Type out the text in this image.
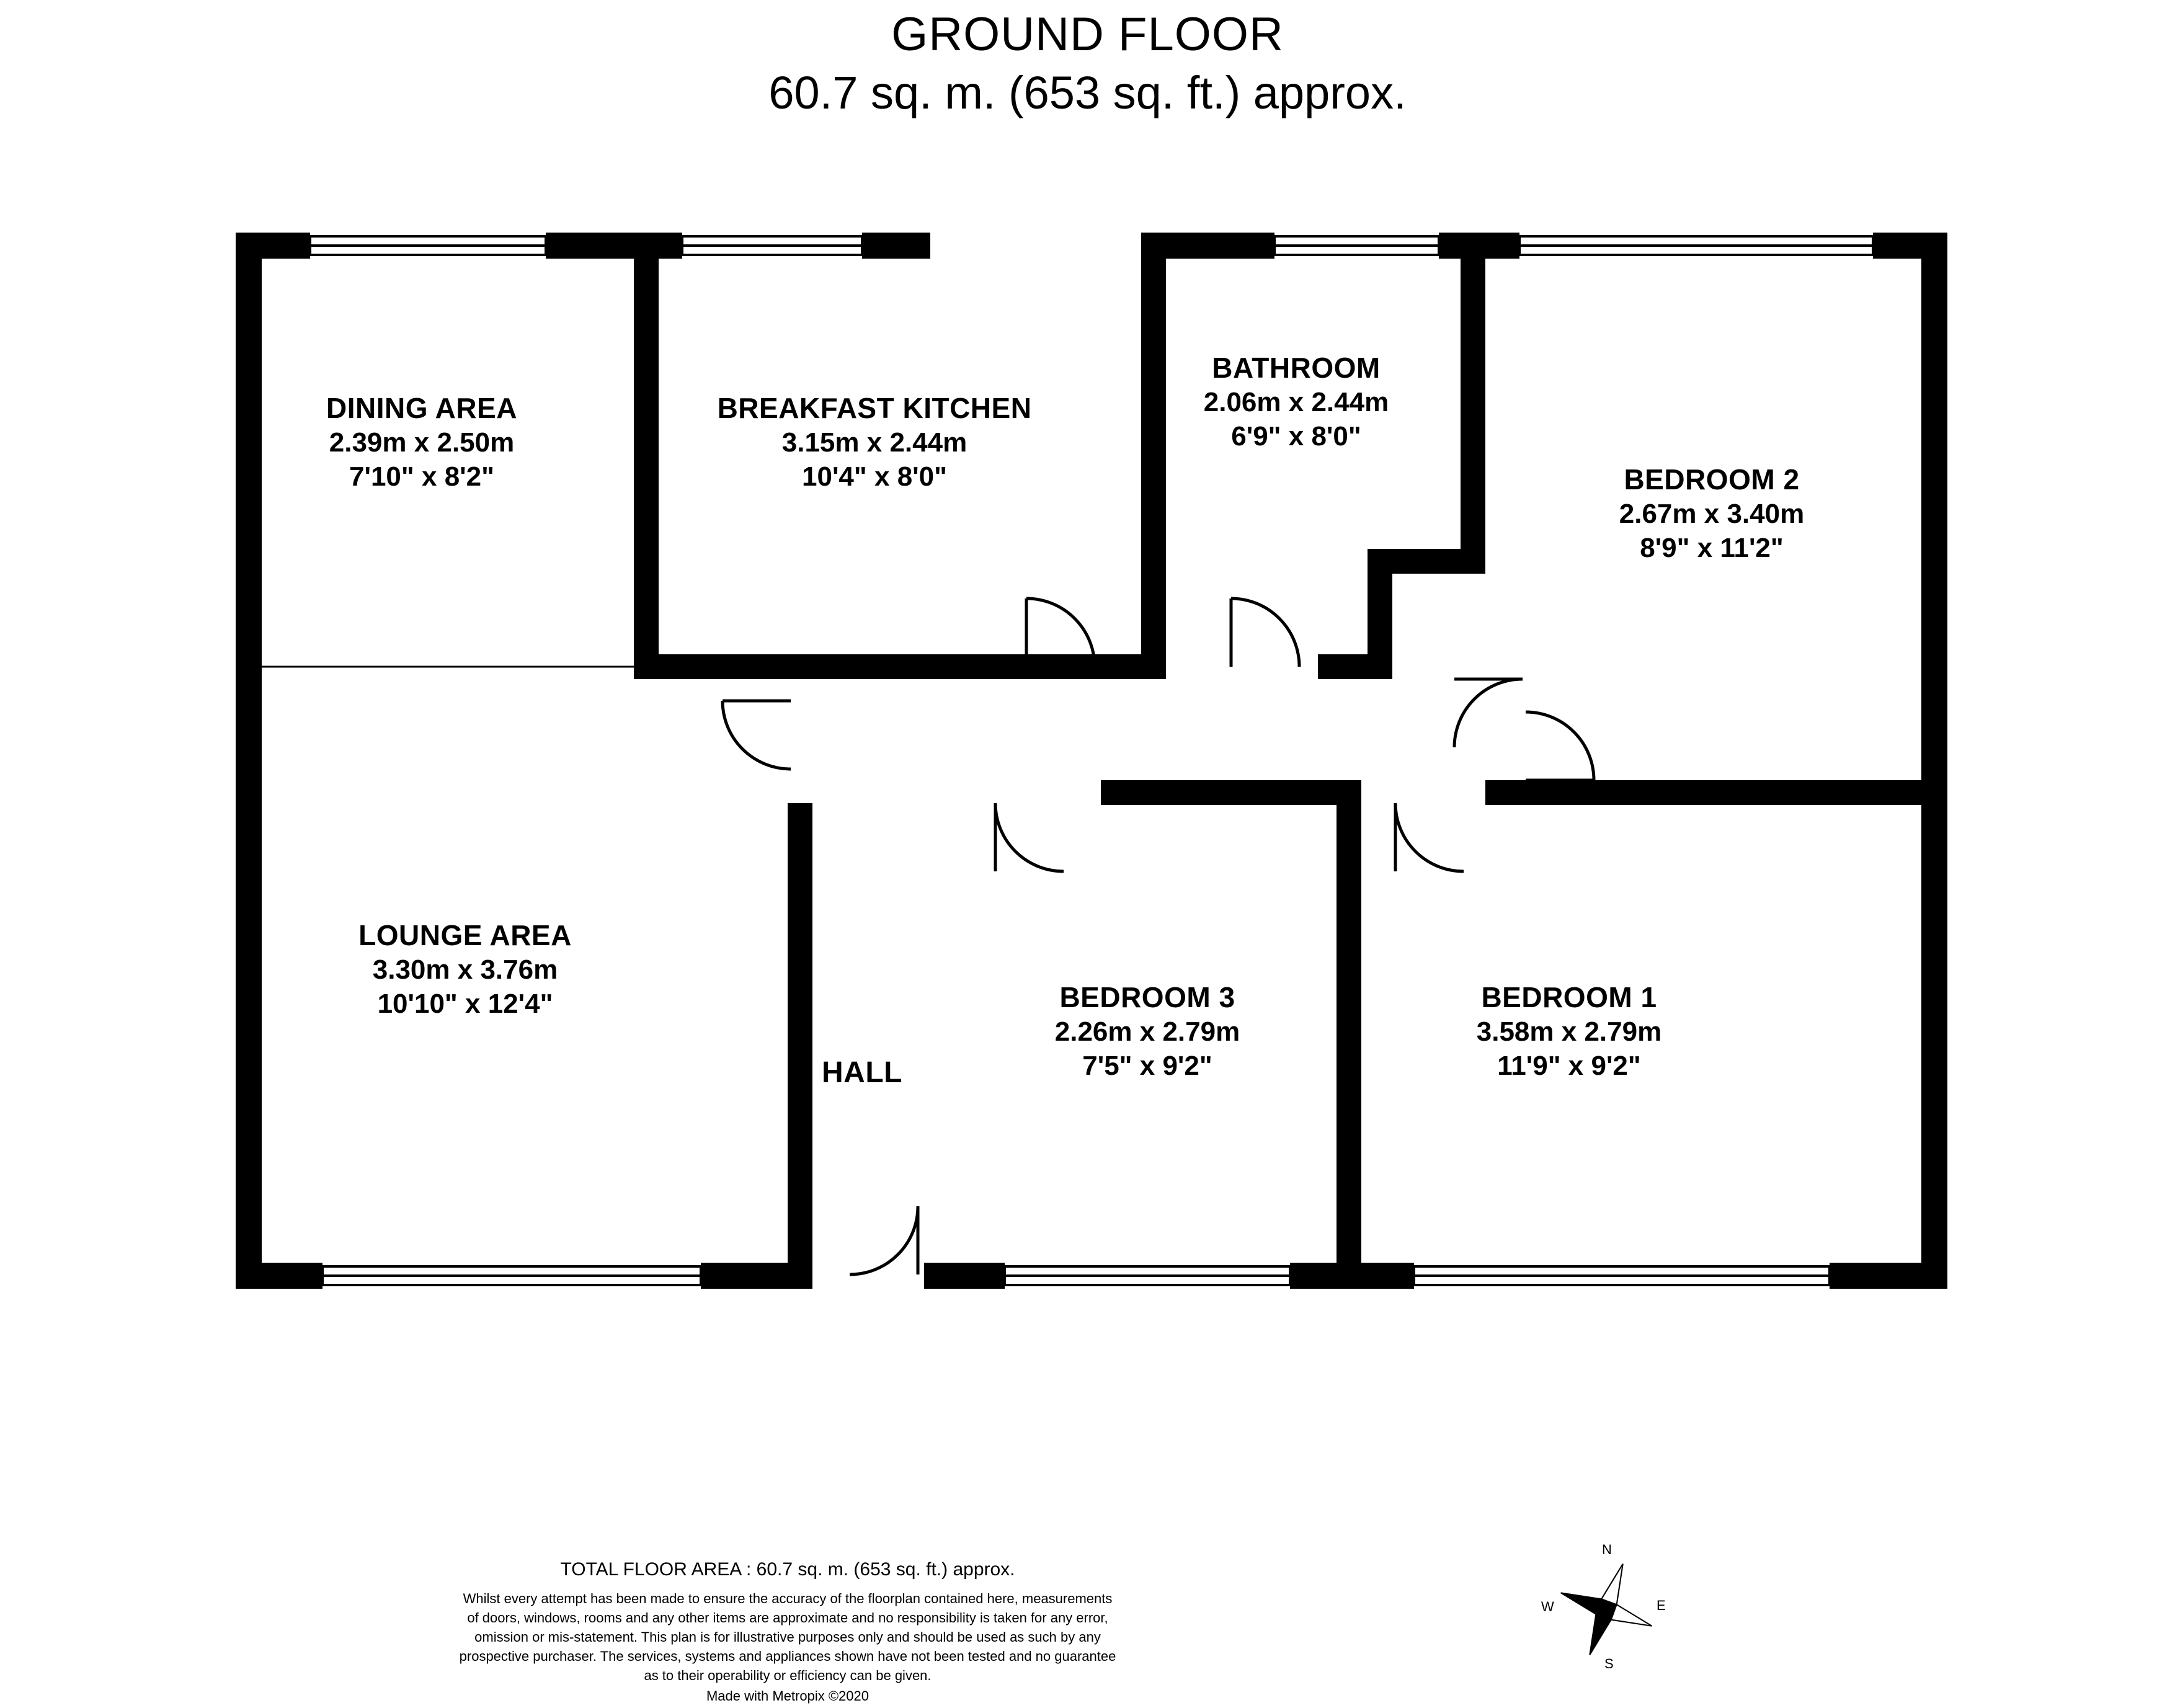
GROUND FLOOR
60.7 sq. m. (653 sq. ft.) approx.
DINING AREA
2.39m x 2.50m
7'10" x 8'2"
BREAKFAST KITCHEN
3.15m x 2.44m
10'4" x 8'0"
BATHROOM
2.06m x 2.44m
6'9" x 8'0"
BEDROOM 2
2.67m x 3.40m
8'9" x 11'2"
LOUNGE AREA
3.30m x 3.76m
10'10" x 12'4"	BEDROOM 3
2.26m x 2.79m
7'5" x 9'2"
BEDROOM 1
3.58m x 2.79m
11'9" x 9'2"
HALL
TOTAL FLOOR AREA : 60.7 sq. m. (653 sq. ft.) approx.
Whilst every attempt has been made to ensure the accuracy of the floorplan contained here, measurements
of doors, windows, rooms and any other items are approximate and no responsibility is taken for any error,
omission or mis-statement. This plan is for illustrative purposes only and should be used as such by any
prospective purchaser. The services, systems and appliances shown have not been tested and no guarantee
as to their operability or efficiency can be given.
Made with Metropix ©2020
N
E
S
W
